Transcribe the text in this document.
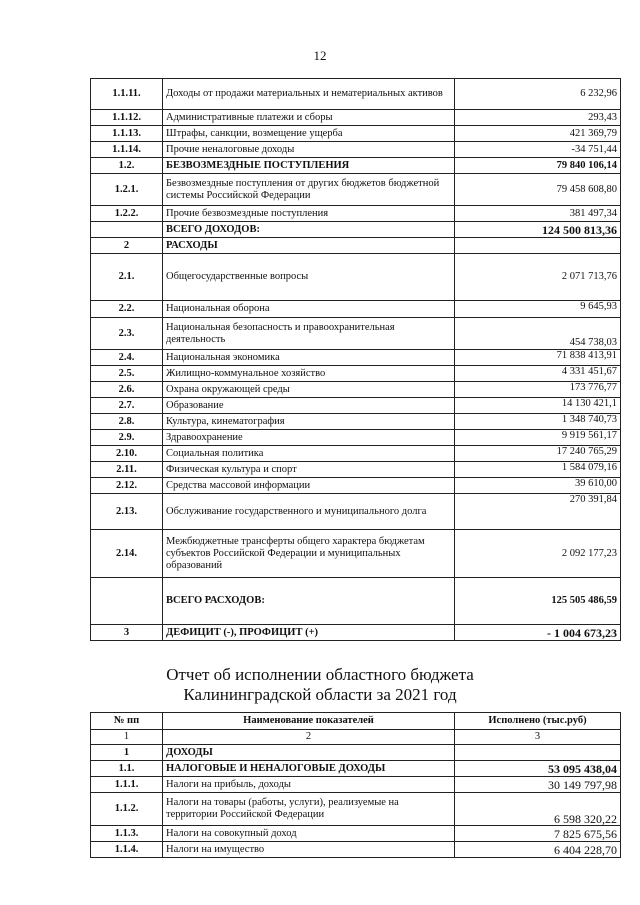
12
1.1.11.	Доходы от продажи материальных и нематериальных активов	6 232,96
1.1.12.	Административные платежи и сборы	293,43
1.1.13.	Штрафы, санкции, возмещение ущерба	421 369,79
1.1.14.	Прочие неналоговые доходы	-34 751,44
1.2.	БЕЗВОЗМЕЗДНЫЕ ПОСТУПЛЕНИЯ	79 840 106,14
1.2.1.	Безвозмездные поступления от других бюджетов бюджетной системы Российской Федерации	79 458 608,80
1.2.2.	Прочие безвозмездные поступления	381 497,34
	ВСЕГО ДОХОДОВ:	124 500 813,36
2	РАСХОДЫ	
2.1.	Общегосударственные вопросы	2 071 713,76
2.2.	Национальная оборона	9 645,93
2.3.	Национальная безопасность и правоохранительная деятельность	454 738,03
2.4.	Национальная экономика	71 838 413,91
2.5.	Жилищно-коммунальное хозяйство	4 331 451,67
2.6.	Охрана окружающей среды	173 776,77
2.7.	Образование	14 130 421,1
2.8.	Культура, кинематография	1 348 740,73
2.9.	Здравоохранение	9 919 561,17
2.10.	Социальная политика	17 240 765,29
2.11.	Физическая культура и спорт	1 584 079,16
2.12.	Средства массовой информации	39 610,00
2.13.	Обслуживание государственного и муниципального долга	270 391,84
2.14.	Межбюджетные трансферты общего характера бюджетам субъектов Российской Федерации и муниципальных образований	2 092 177,23
	ВСЕГО РАСХОДОВ:	125 505 486,59
3	ДЕФИЦИТ (-), ПРОФИЦИТ (+)	- 1 004 673,23
Отчет об исполнении областного бюджета
Калининградской области за 2021 год
№ пп	Наименование показателей	Исполнено (тыс.руб)
1	2	3
1	ДОХОДЫ	
1.1.	НАЛОГОВЫЕ И НЕНАЛОГОВЫЕ ДОХОДЫ	53 095 438,04
1.1.1.	Налоги на прибыль, доходы	30 149 797,98
1.1.2.	Налоги на товары (работы, услуги), реализуемые на территории Российской Федерации	6 598 320,22
1.1.3.	Налоги на совокупный доход	7 825 675,56
1.1.4.	Налоги на имущество	6 404 228,70
